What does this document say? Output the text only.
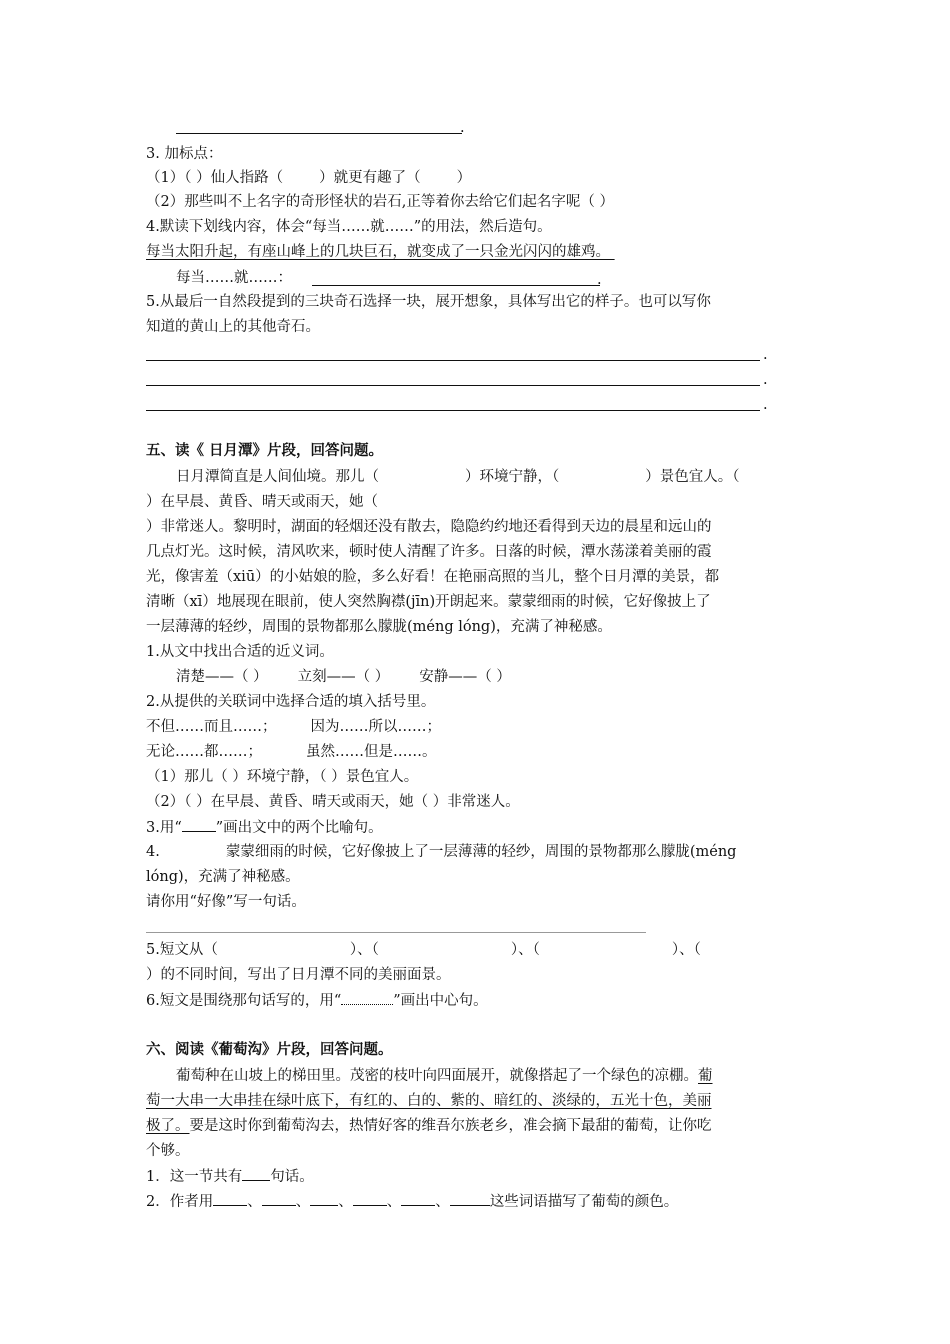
.
3. 加标点：
（1）（ ）仙人指路（ ）就更有趣了（ ）
（2）那些叫不上名字的奇形怪状的岩石,正等着你去给它们起名字呢（ ）
4.默读下划线内容，体会“每当……就……”的用法，然后造句。
每当太阳升起，有座山峰上的几块巨石，就变成了一只金光闪闪的雄鸡。
每当……就……：	.
5.从最后一自然段提到的三块奇石选择一块，展开想象，具体写出它的样子。也可以写你
知道的黄山上的其他奇石。
.
.
.
五、读《 日月潭》片段，回答问题。
日月潭简直是人间仙境。那儿（	）环境宁静，（	）景色宜人。（
）在早晨、黄昏、晴天或雨天，她（
）非常迷人。黎明时，湖面的轻烟还没有散去，隐隐约约地还看得到天边的晨星和远山的
几点灯光。这时候，清风吹来，顿时使人清醒了许多。日落的时候，潭水荡漾着美丽的霞
光，像害羞（xiū）的小姑娘的脸，多么好看！在艳丽高照的当儿，整个日月潭的美景，都
清晰（xī）地展现在眼前，使人突然胸襟(jīn)开朗起来。蒙蒙细雨的时候，它好像披上了
一层薄薄的轻纱，周围的景物都那么朦胧(méng lóng)，充满了神秘感。
1.从文中找出合适的近义词。
清楚——（ ） 立刻——（ ） 安静——（ ）
2.从提供的关联词中选择合适的填入括号里。
不但……而且……； 因为……所以……；
无论……都……；	虽然……但是……。
（1）那儿（ ）环境宁静，（ ）景色宜人。
（2）（ ）在早晨、黄昏、晴天或雨天，她（ ）非常迷人。
3.用“ ”画出文中的两个比喻句。
4.	蒙蒙细雨的时候，它好像披上了一层薄薄的轻纱，周围的景物都那么朦胧(méng
lóng)，充满了神秘感。
请你用“好像”写一句话。
5.短文从（	）、（	）、（	）、（
）的不同时间，写出了日月潭不同的美丽面景。
6.短文是围绕那句话写的，用“	”画出中心句。
六、阅读《葡萄沟》片段，回答问题。
葡萄种在山坡上的梯田里。茂密的枝叶向四面展开，就像搭起了一个绿色的凉棚。葡
萄一大串一大串挂在绿叶底下，有红的、白的、紫的、暗红的、淡绿的，五光十色，美丽
极了。要是这时你到葡萄沟去，热情好客的维吾尔族老乡，准会摘下最甜的葡萄，让你吃
个够。
1．这一节共有 句话。
2．作者用 、 、 、 、 、	这些词语描写了葡萄的颜色。
